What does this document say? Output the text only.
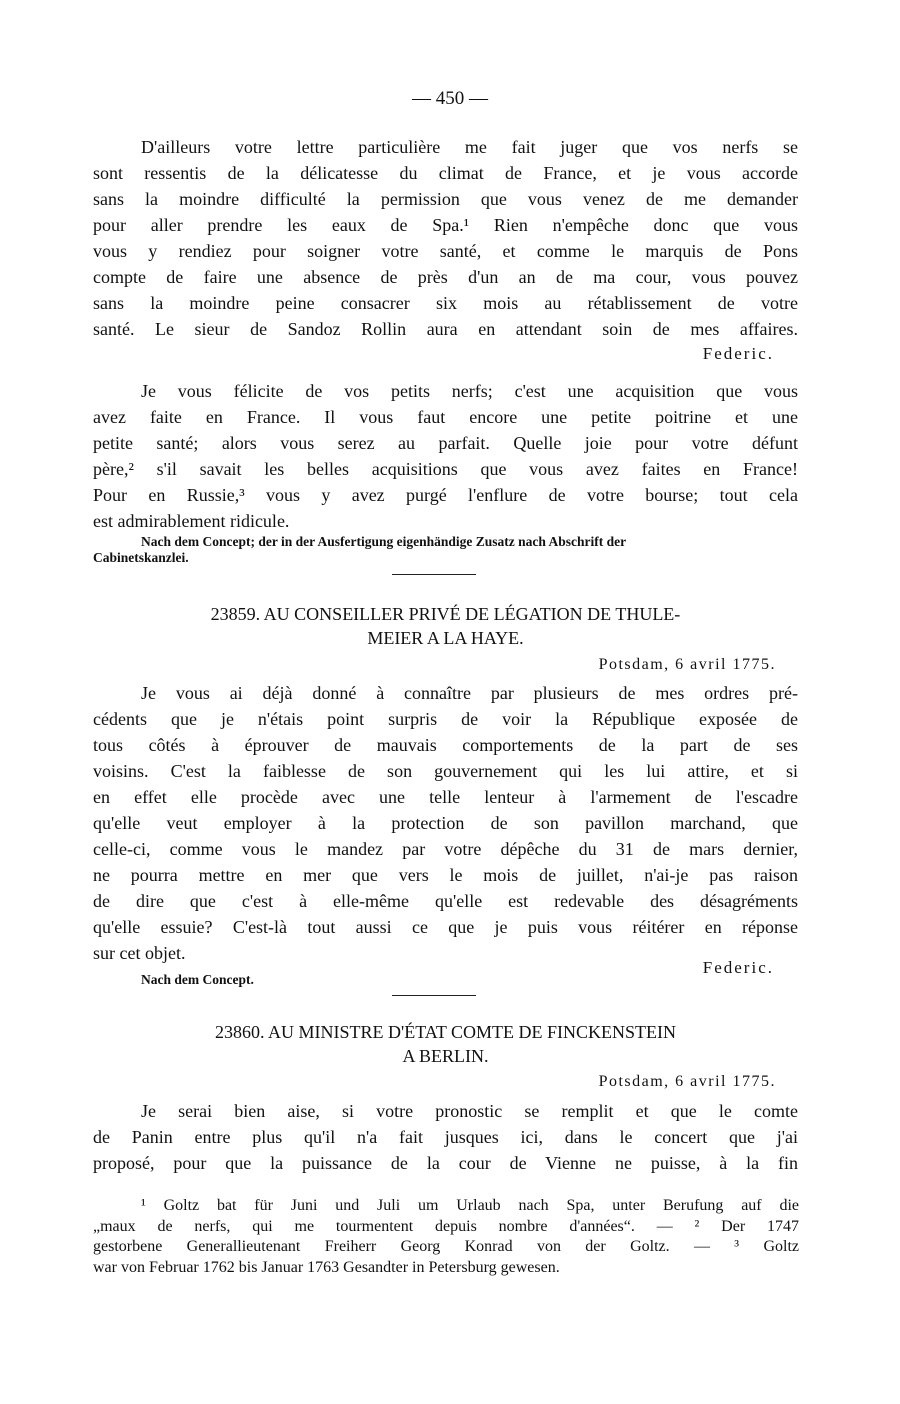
— 450 —
D'ailleurs votre lettre particulière me fait juger que vos nerfs se
sont ressentis de la délicatesse du climat de France, et je vous accorde
sans la moindre difficulté la permission que vous venez de me demander
pour aller prendre les eaux de Spa.¹ Rien n'empêche donc que vous
vous y rendiez pour soigner votre santé, et comme le marquis de Pons
compte de faire une absence de près d'un an de ma cour, vous pouvez
sans la moindre peine consacrer six mois au rétablissement de votre
santé. Le sieur de Sandoz Rollin aura en attendant soin de mes affaires.
Federic.
Je vous félicite de vos petits nerfs; c'est une acquisition que vous
avez faite en France. Il vous faut encore une petite poitrine et une
petite santé; alors vous serez au parfait. Quelle joie pour votre défunt
père,² s'il savait les belles acquisitions que vous avez faites en France!
Pour en Russie,³ vous y avez purgé l'enflure de votre bourse; tout cela
est admirablement ridicule.
Nach dem Concept; der in der Ausfertigung eigenhändige Zusatz nach Abschrift der
Cabinetskanzlei.
23859. AU CONSEILLER PRIVÉ DE LÉGATION DE THULE-
MEIER A LA HAYE.
Potsdam, 6 avril 1775.
Je vous ai déjà donné à connaître par plusieurs de mes ordres pré-
cédents que je n'étais point surpris de voir la République exposée de
tous côtés à éprouver de mauvais comportements de la part de ses
voisins. C'est la faiblesse de son gouvernement qui les lui attire, et si
en effet elle procède avec une telle lenteur à l'armement de l'escadre
qu'elle veut employer à la protection de son pavillon marchand, que
celle-ci, comme vous le mandez par votre dépêche du 31 de mars dernier,
ne pourra mettre en mer que vers le mois de juillet, n'ai-je pas raison
de dire que c'est à elle-même qu'elle est redevable des désagréments
qu'elle essuie? C'est-là tout aussi ce que je puis vous réitérer en réponse
sur cet objet.
Federic.
Nach dem Concept.
23860. AU MINISTRE D'ÉTAT COMTE DE FINCKENSTEIN
A BERLIN.
Potsdam, 6 avril 1775.
Je serai bien aise, si votre pronostic se remplit et que le comte
de Panin entre plus qu'il n'a fait jusques ici, dans le concert que j'ai
proposé, pour que la puissance de la cour de Vienne ne puisse, à la fin
¹ Goltz bat für Juni und Juli um Urlaub nach Spa, unter Berufung auf die
„maux de nerfs, qui me tourmentent depuis nombre d'années“. — ² Der 1747
gestorbene Generallieutenant Freiherr Georg Konrad von der Goltz. — ³ Goltz
war von Februar 1762 bis Januar 1763 Gesandter in Petersburg gewesen.
